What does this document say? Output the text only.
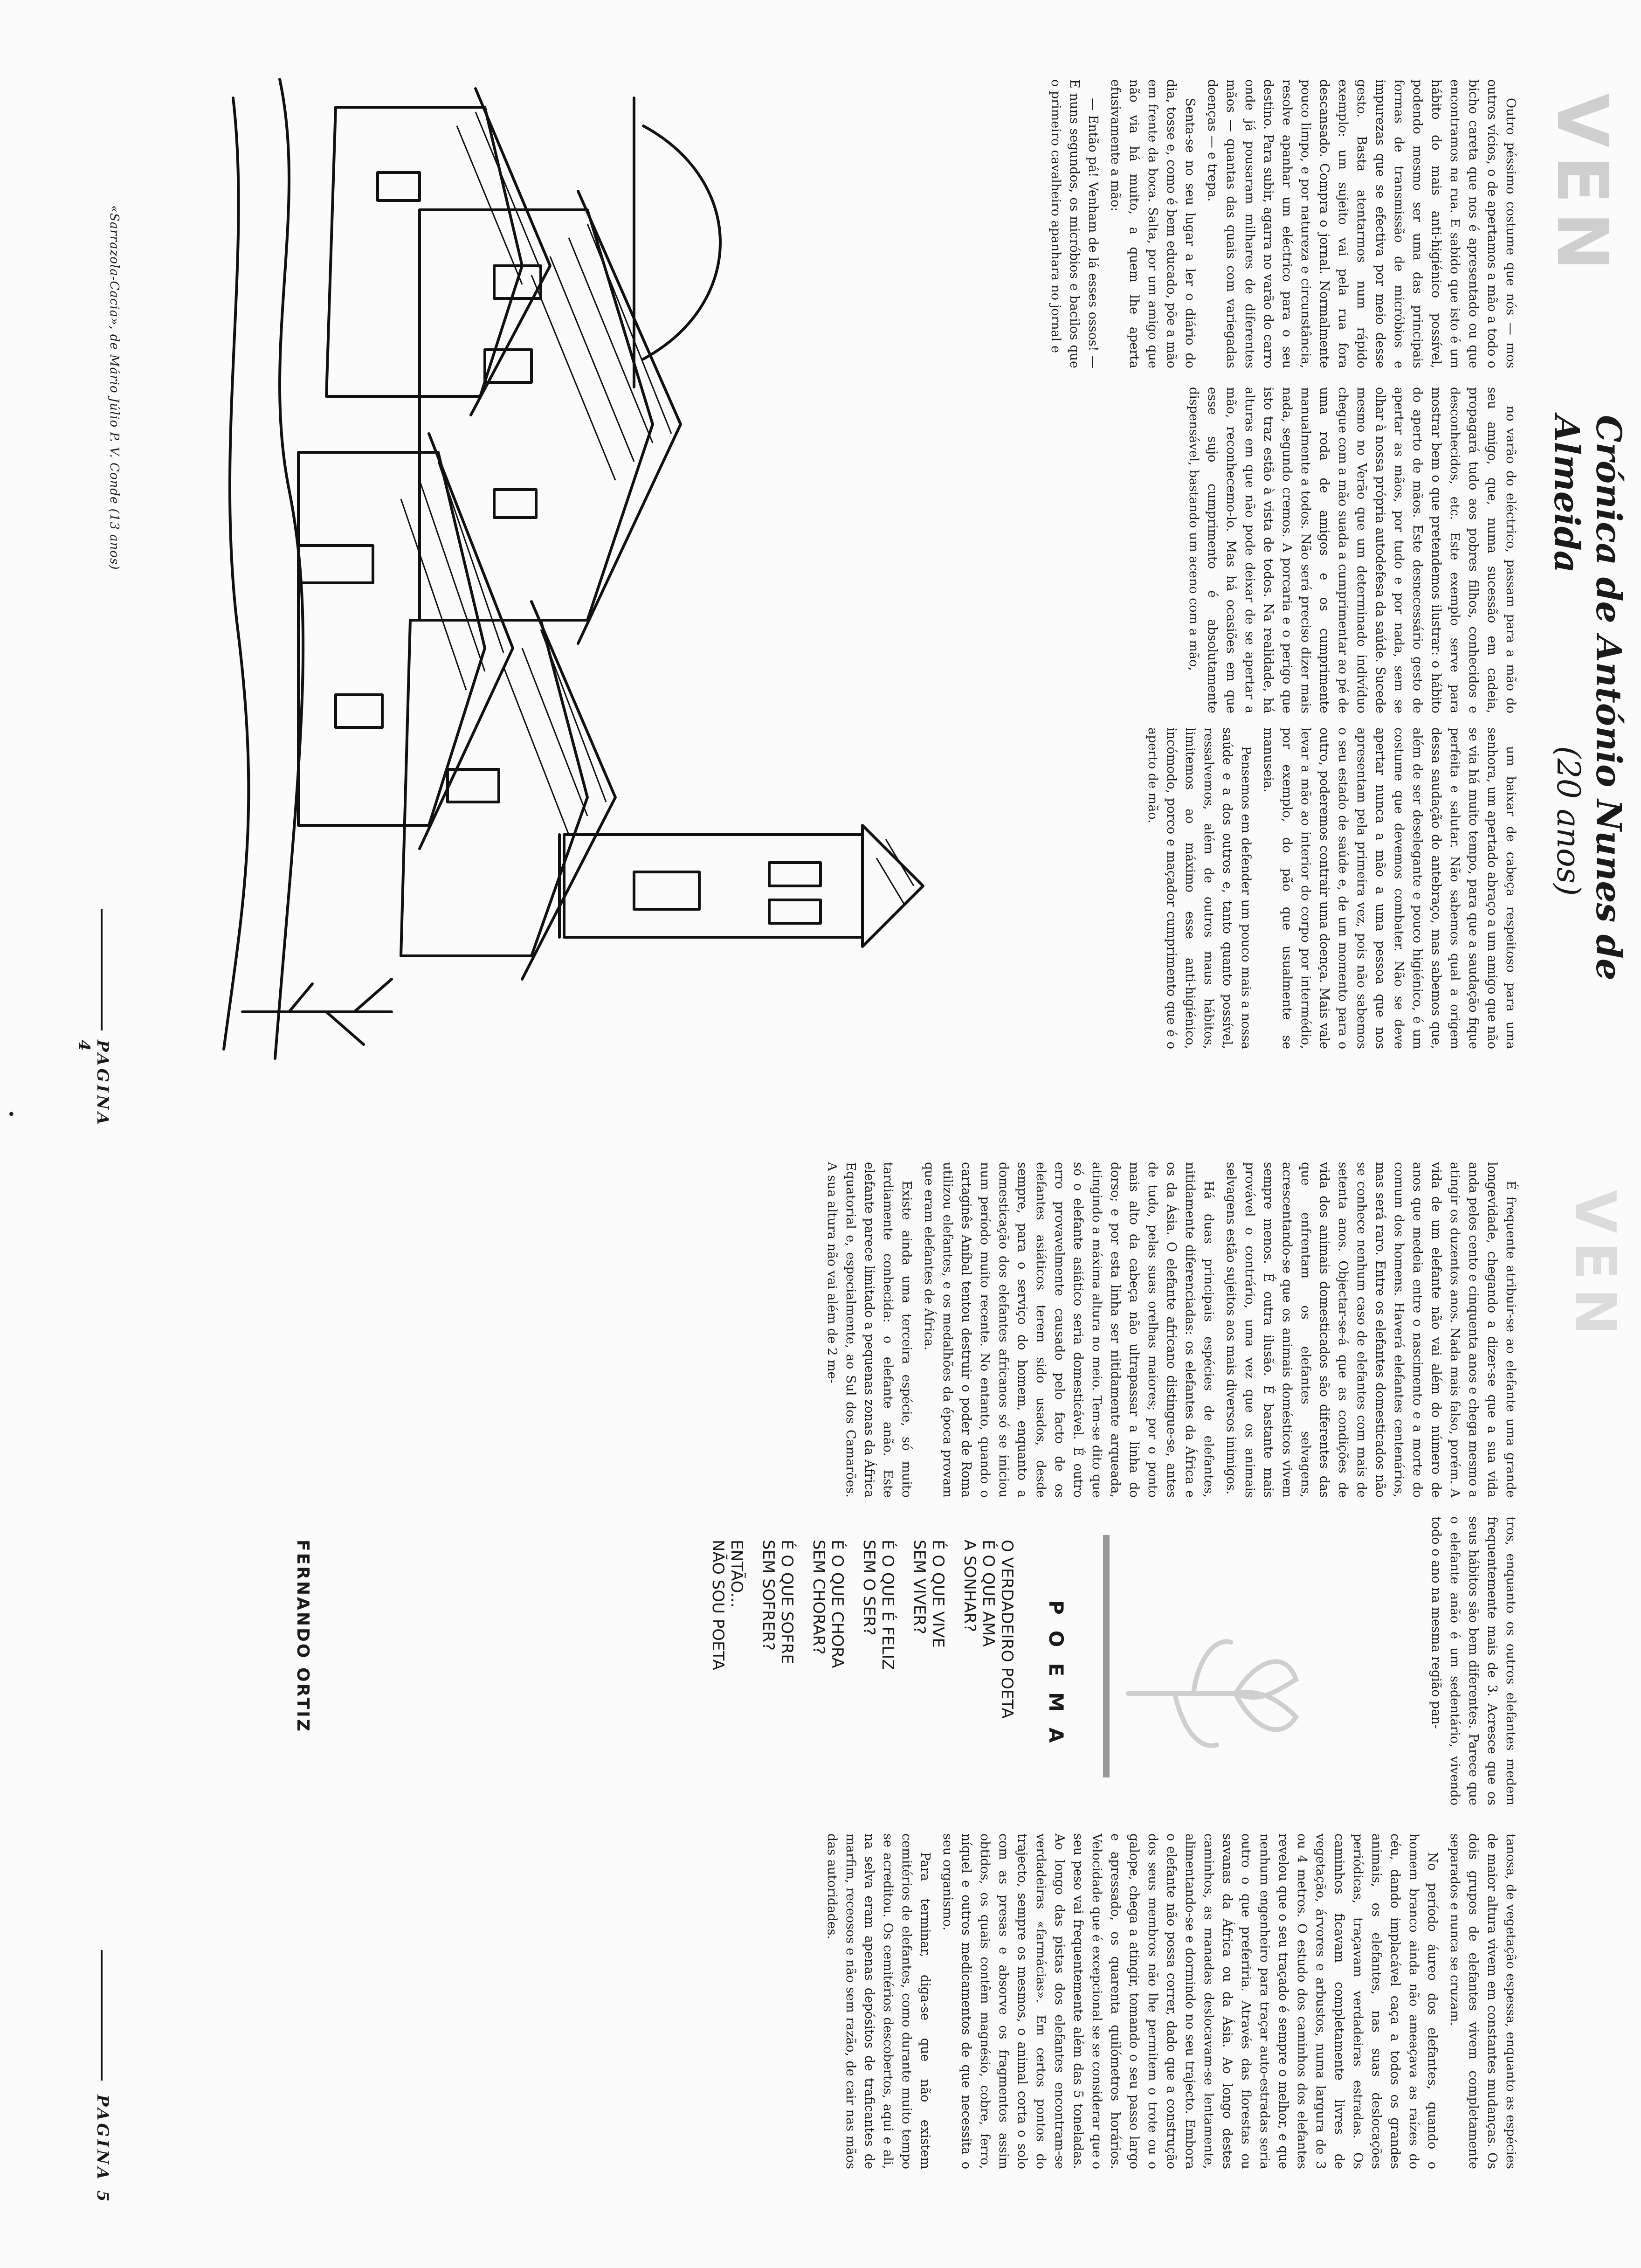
VEN

Outro péssimo costume que nós — mos outros vícios, o de apertamos a mão a todo o bicho careta que nos é apresentado ou que encontramos na rua. E sabido que isto é um hábito do mais anti-higiénico possível, podendo mesmo ser uma das principais formas de transmissão de micróbios e impurezas que se efectiva por meio desse gesto. Basta atentarmos num rápido exemplo: um sujeito vai pela rua fora descansado. Compra o jornal. Normalmente pouco limpo, e por natureza e circunstância, resolve apanhar um eléctrico para o seu destino. Para subir, agarra no varão do carro onde já pousaram milhares de diferentes mãos — quantas das quais com variegadas doenças — e trepa.

Senta-se no seu lugar a ler o diário do dia, tosse e, como é bem educado, põe a mão em frente da boca. Salta, por um amigo que não via há muito, a quem lhe aperta efusivamente a mão:

— Então pá! Venham de lá esses ossos! — E nuns segundos, os micróbios e bacilos que o primeiro cavalheiro apanhara no jornal e

Crónica de António Nunes de Almeida
(20 anos)

no varão do eléctrico, passam para a mão do seu amigo, que, numa sucessão em cadeia, propagará tudo aos pobres filhos, conhecidos e desconhecidos, etc. Este exemplo serve para mostrar bem o que pretendemos ilustrar: o hábito do aperto de mãos. Este desnecessário gesto de apertar as mãos, por tudo e por nada, sem se olhar à nossa própria autodefesa da saúde. Sucede mesmo no Verão que um determinado indivíduo chegue com a mão suada a cumprimentar ao pé de uma roda de amigos e os cumprimente manualmente a todos. Não será preciso dizer mais nada, segundo cremos. A porcaria e o perigo que isto traz estão à vista de todos. Na realidade, há alturas em que não pode deixar de se apertar a mão, reconhecemo-lo. Mas há ocasiões em que esse sujo cumprimento é absolutamente dispensável, bastando um aceno com a mão,

um baixar de cabeça respeitoso para uma senhora, um apertado abraço a um amigo que não se via há muito tempo, para que a saudação fique perfeita e salutar. Não sabemos qual a origem dessa saudação do antebraço, mas sabemos que, além de ser deselegante e pouco higiénico, é um costume que devemos combater. Não se deve apertar nunca a mão a uma pessoa que nos apresentam pela primeira vez, pois não sabemos o seu estado de saúde e, de um momento para o outro, poderemos contrair uma doença. Mais vale levar a mão ao interior do corpo por intermédio, por exemplo, do pão que usualmente se manuseia.

Pensemos em defender um pouco mais a nossa saúde e a dos outros e, tanto quanto possível, ressalvemos, além de outros maus hábitos, limitemos ao máximo esse anti-higiénico, incómodo, porco e maçador cumprimento que é o aperto de mão.

«Sarrazola-Cacia», de Mário Júlio P. V. Conde (13 anos)
PAGINA 4
VEN

É frequente atribuir-se ao elefante uma grande longevidade, chegando a dizer-se que a sua vida anda pelos cento e cinquenta anos e chega mesmo a atingir os duzentos anos. Nada mais falso, porém. A vida de um elefante não vai além do número de anos que medeia entre o nascimento e a morte do comum dos homens. Haverá elefantes centenários, mas será raro. Entre os elefantes domesticados não se conhece nenhum caso de elefantes com mais de setenta anos. Objectar-se-á que as condições de vida dos animais domesticados são diferentes das que enfrentam os elefantes selvagens, acrescentando-se que os animais domésticos vivem sempre menos. É outra ilusão. É bastante mais provável o contrário, uma vez que os animais selvagens estão sujeitos aos mais diversos inimigos.

Há duas principais espécies de elefantes, nitidamente diferenciadas: os elefantes da África e os da Ásia. O elefante africano distingue-se, antes de tudo, pelas suas orelhas maiores; por o ponto mais alto da cabeça não ultrapassar a linha do dorso; e por esta linha ser nitidamente arqueada, atingindo a máxima altura no meio. Tem-se dito que só o elefante asiático seria domesticável. É outro erro provavelmente causado pelo facto de os elefantes asiáticos terem sido usados, desde sempre, para o serviço do homem, enquanto a domesticação dos elefantes africanos só se iniciou num período muito recente. No entanto, quando o cartaginês Aníbal tentou destruir o poder de Roma utilizou elefantes, e os medalhões da época provam que eram elefantes de África.

Existe ainda uma terceira espécie, só muito tardiamente conhecida: o elefante anão. Este elefante parece limitado a pequenas zonas da África Equatorial e, especialmente, ao Sul dos Camarões. A sua altura não vai além de 2 me-

tros, enquanto os outros elefantes medem frequentemente mais de 3. Acresce que os seus hábitos são bem diferentes. Parece que o elefante anão é um sedentário, vivendo todo o ano na mesma região pan-

POEMA
O VERDADEIRO POETA
É O QUE AMA
A SONHAR?
É O QUE VIVE
SEM VIVER?
É O QUE É FELIZ
SEM O SER?
É O QUE CHORA
SEM CHORAR?
É O QUE SOFRE
SEM SOFRER?
ENTÃO...
NÃO SOU POETA
FERNANDO ORTIZ

tanosa, de vegetação espessa, enquanto as espécies de maior altura vivem em constantes mudanças. Os dois grupos de elefantes vivem completamente separados e nunca se cruzam.

No período áureo dos elefantes, quando o homem branco ainda não ameaçava as raízes do céu, dando implacável caça a todos os grandes animais, os elefantes, nas suas deslocações periódicas, traçavam verdadeiras estradas. Os caminhos ficavam completamente livres de vegetação, árvores e arbustos, numa largura de 3 ou 4 metros. O estudo dos caminhos dos elefantes revelou que o seu traçado é sempre o melhor, e que nenhum engenheiro para traçar auto-estradas seria outro o que preferiria. Através das florestas ou savanas da África ou da Ásia. Ao longo destes caminhos, as manadas deslocavam-se lentamente, alimentando-se e dormindo no seu trajecto. Embora o elefante não possa correr, dado que a construção dos seus membros não lhe permitem o trote ou o galope, chega a atingir, tomando o seu passo largo e apressado, os quarenta quilómetros horários. Velocidade que é excepcional se se considerar que o seu peso vai frequentemente além das 5 toneladas. Ao longo das pistas dos elefantes encontram-se verdadeiras «farmácias». Em certos pontos do trajecto, sempre os mesmos, o animal corta o solo com as presas e absorve os fragmentos assim obtidos, os quais contêm magnésio, cobre, ferro, níquel e outros medicamentos de que necessita o seu organismo.

Para terminar, diga-se que não existem cemitérios de elefantes, como durante muito tempo se acreditou. Os cemitérios descobertos, aqui e ali, na selva eram apenas depósitos de traficantes de marfim, receosos e não sem razão, de cair nas mãos das autoridades.

PAGINA 5
•
